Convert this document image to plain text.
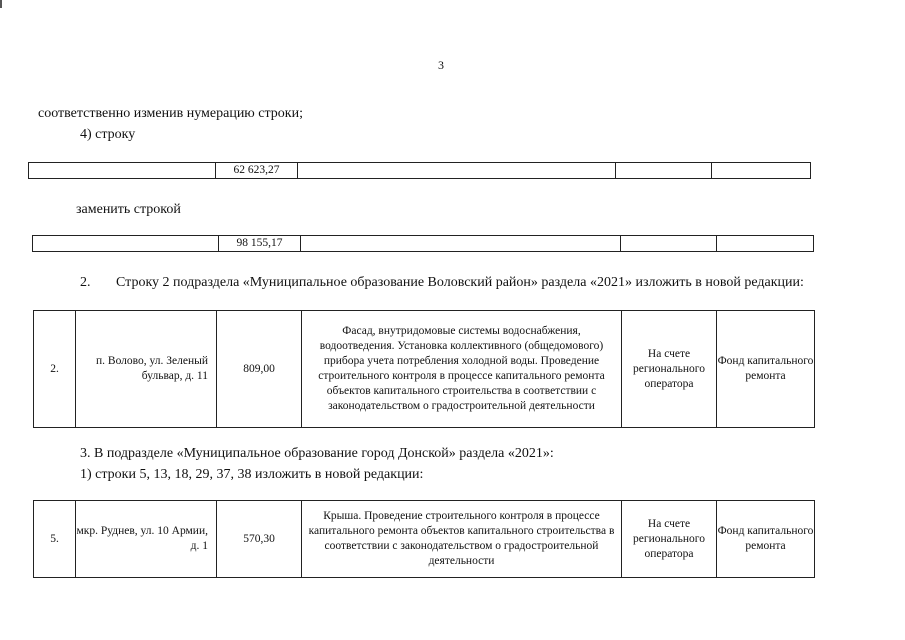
3
соответственно изменив нумерацию строки;
4) строку
	62 623,27			
заменить строкой
	98 155,17			
2. Строку 2 подраздела «Муниципальное образование Воловский район» раздела «2021» изложить в новой редакции:
2.	п. Волово, ул. Зеленый бульвар, д. 11	809,00	Фасад, внутридомовые системы водоснабжения, водоотведения. Установка коллективного (общедомового) прибора учета потребления холодной воды. Проведение строительного контроля в процессе капитального ремонта объектов капитального строительства в соответствии с законодательством о градостроительной деятельности	На счете регионального оператора	Фонд капитального ремонта
3. В подразделе «Муниципальное образование город Донской» раздела «2021»:
1) строки 5, 13, 18, 29, 37, 38 изложить в новой редакции:
5.	мкр. Руднев, ул. 10 Армии, д. 1	570,30	Крыша. Проведение строительного контроля в процессе капитального ремонта объектов капитального строительства в соответствии с законодательством о градостроительной деятельности	На счете регионального оператора	Фонд капитального ремонта
